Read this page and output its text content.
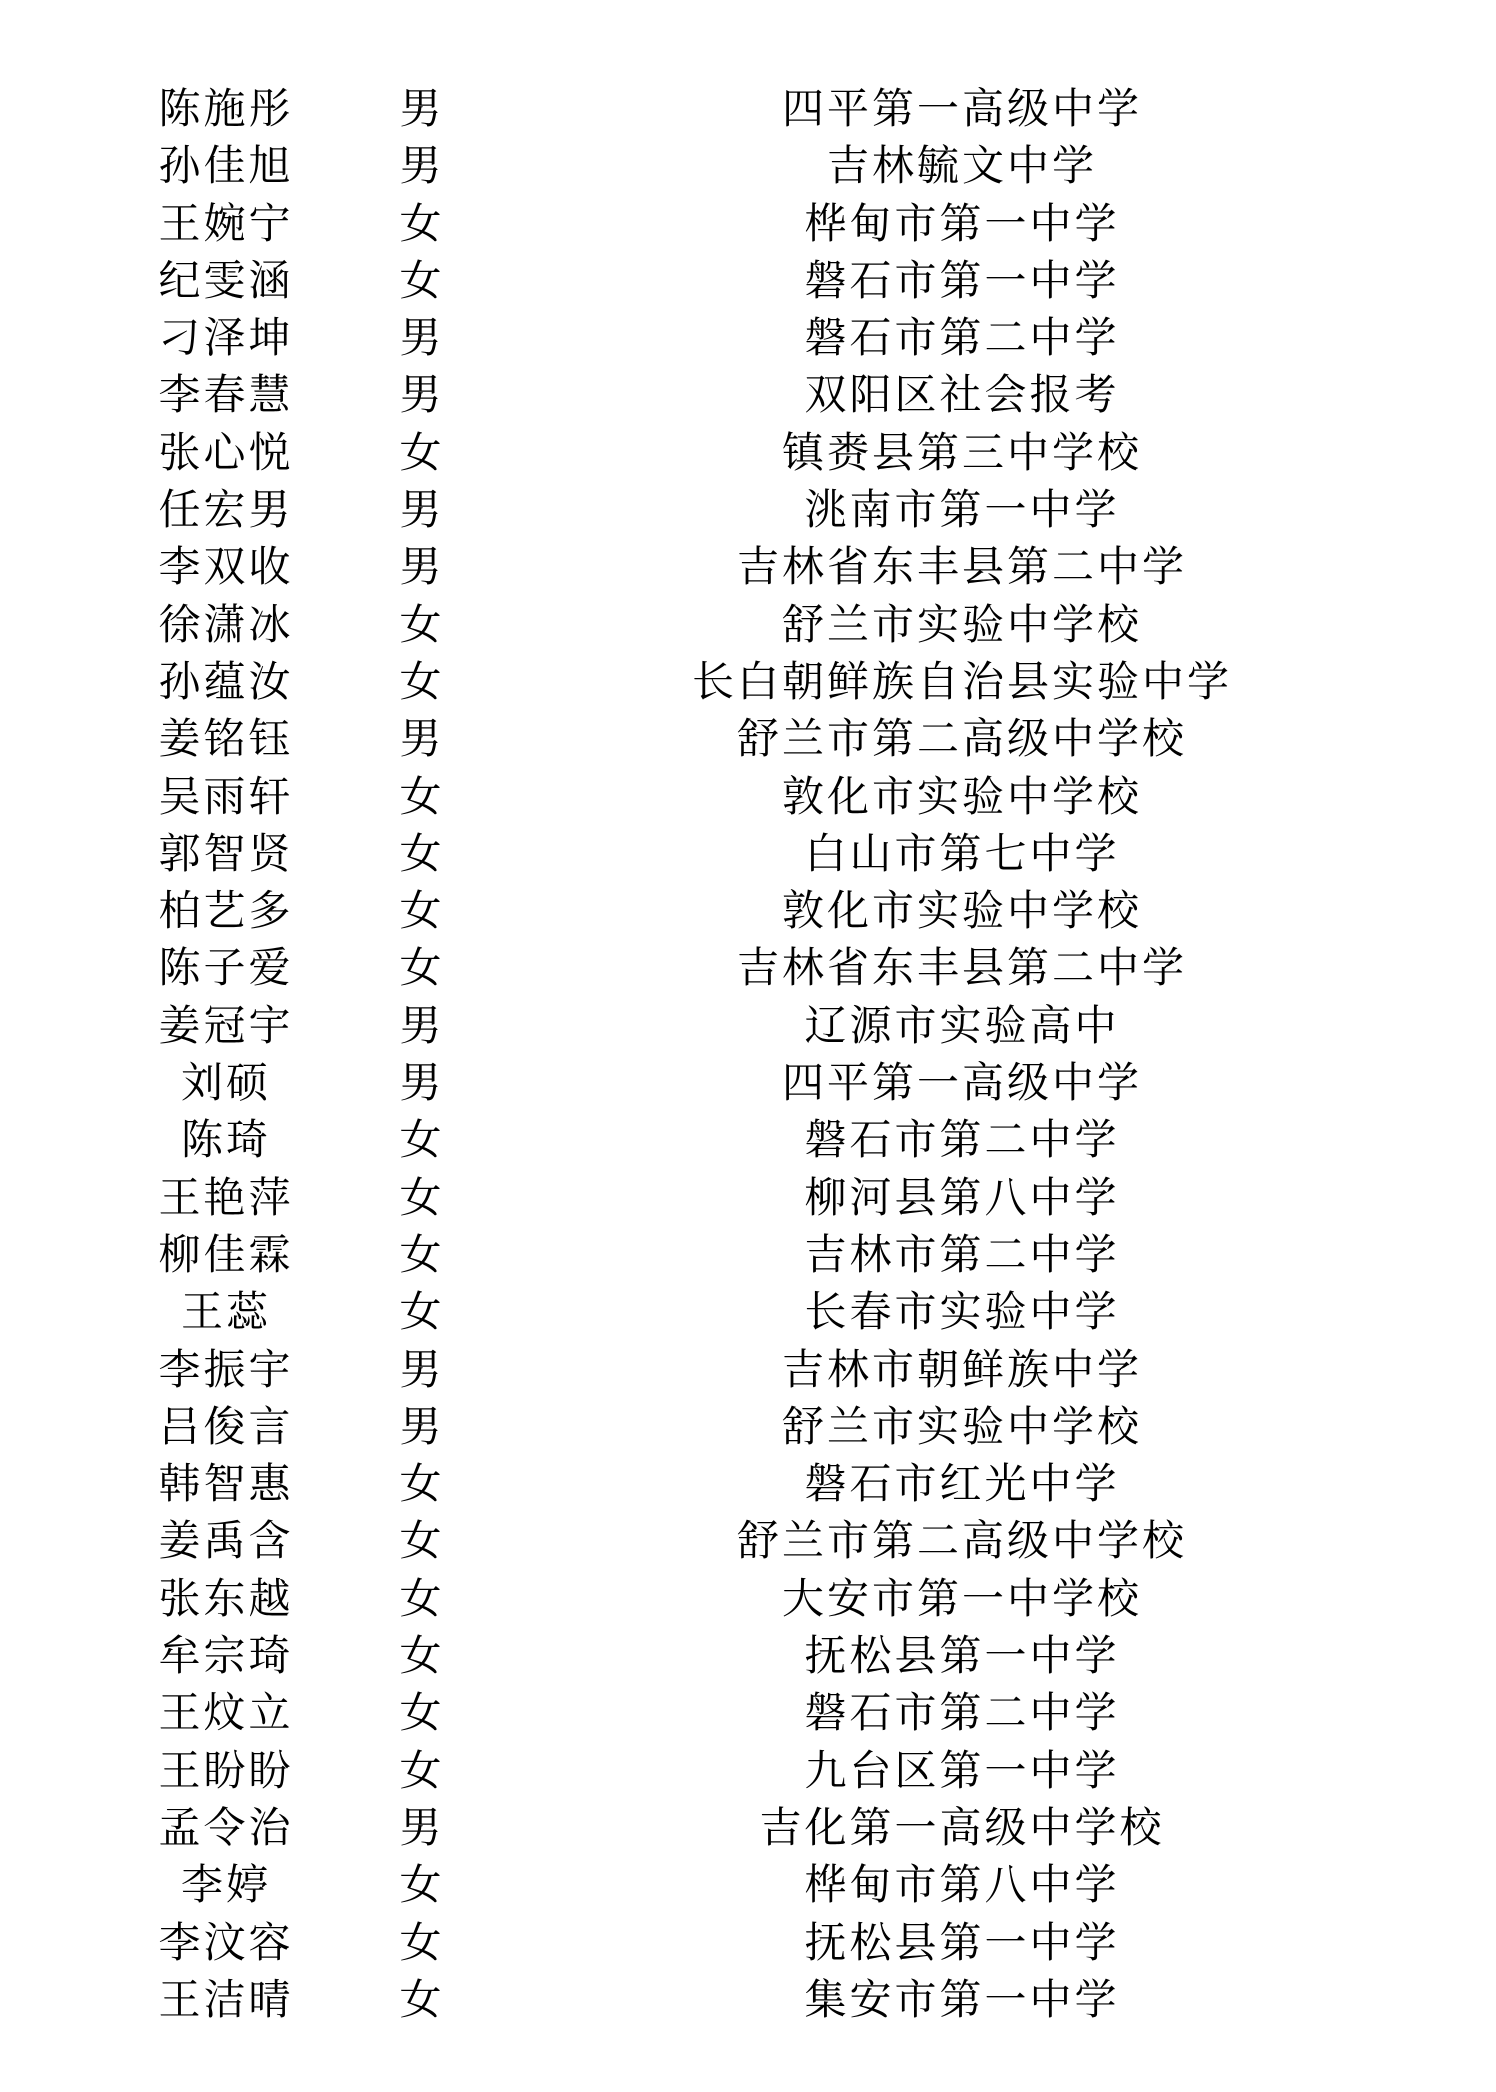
陈施彤	男	四平第一高级中学
孙佳旭	男	吉林毓文中学
王婉宁	女	桦甸市第一中学
纪雯涵	女	磐石市第一中学
刁泽坤	男	磐石市第二中学
李春慧	男	双阳区社会报考
张心悦	女	镇赉县第三中学校
任宏男	男	洮南市第一中学
李双收	男	吉林省东丰县第二中学
徐潇冰	女	舒兰市实验中学校
孙蕴汝	女	长白朝鲜族自治县实验中学
姜铭钰	男	舒兰市第二高级中学校
吴雨轩	女	敦化市实验中学校
郭智贤	女	白山市第七中学
柏艺多	女	敦化市实验中学校
陈子爱	女	吉林省东丰县第二中学
姜冠宇	男	辽源市实验高中
刘硕	男	四平第一高级中学
陈琦	女	磐石市第二中学
王艳萍	女	柳河县第八中学
柳佳霖	女	吉林市第二中学
王蕊	女	长春市实验中学
李振宇	男	吉林市朝鲜族中学
吕俊言	男	舒兰市实验中学校
韩智惠	女	磐石市红光中学
姜禹含	女	舒兰市第二高级中学校
张东越	女	大安市第一中学校
牟宗琦	女	抚松县第一中学
王炆立	女	磐石市第二中学
王盼盼	女	九台区第一中学
孟令治	男	吉化第一高级中学校
李婷	女	桦甸市第八中学
李汶容	女	抚松县第一中学
王洁晴	女	集安市第一中学
